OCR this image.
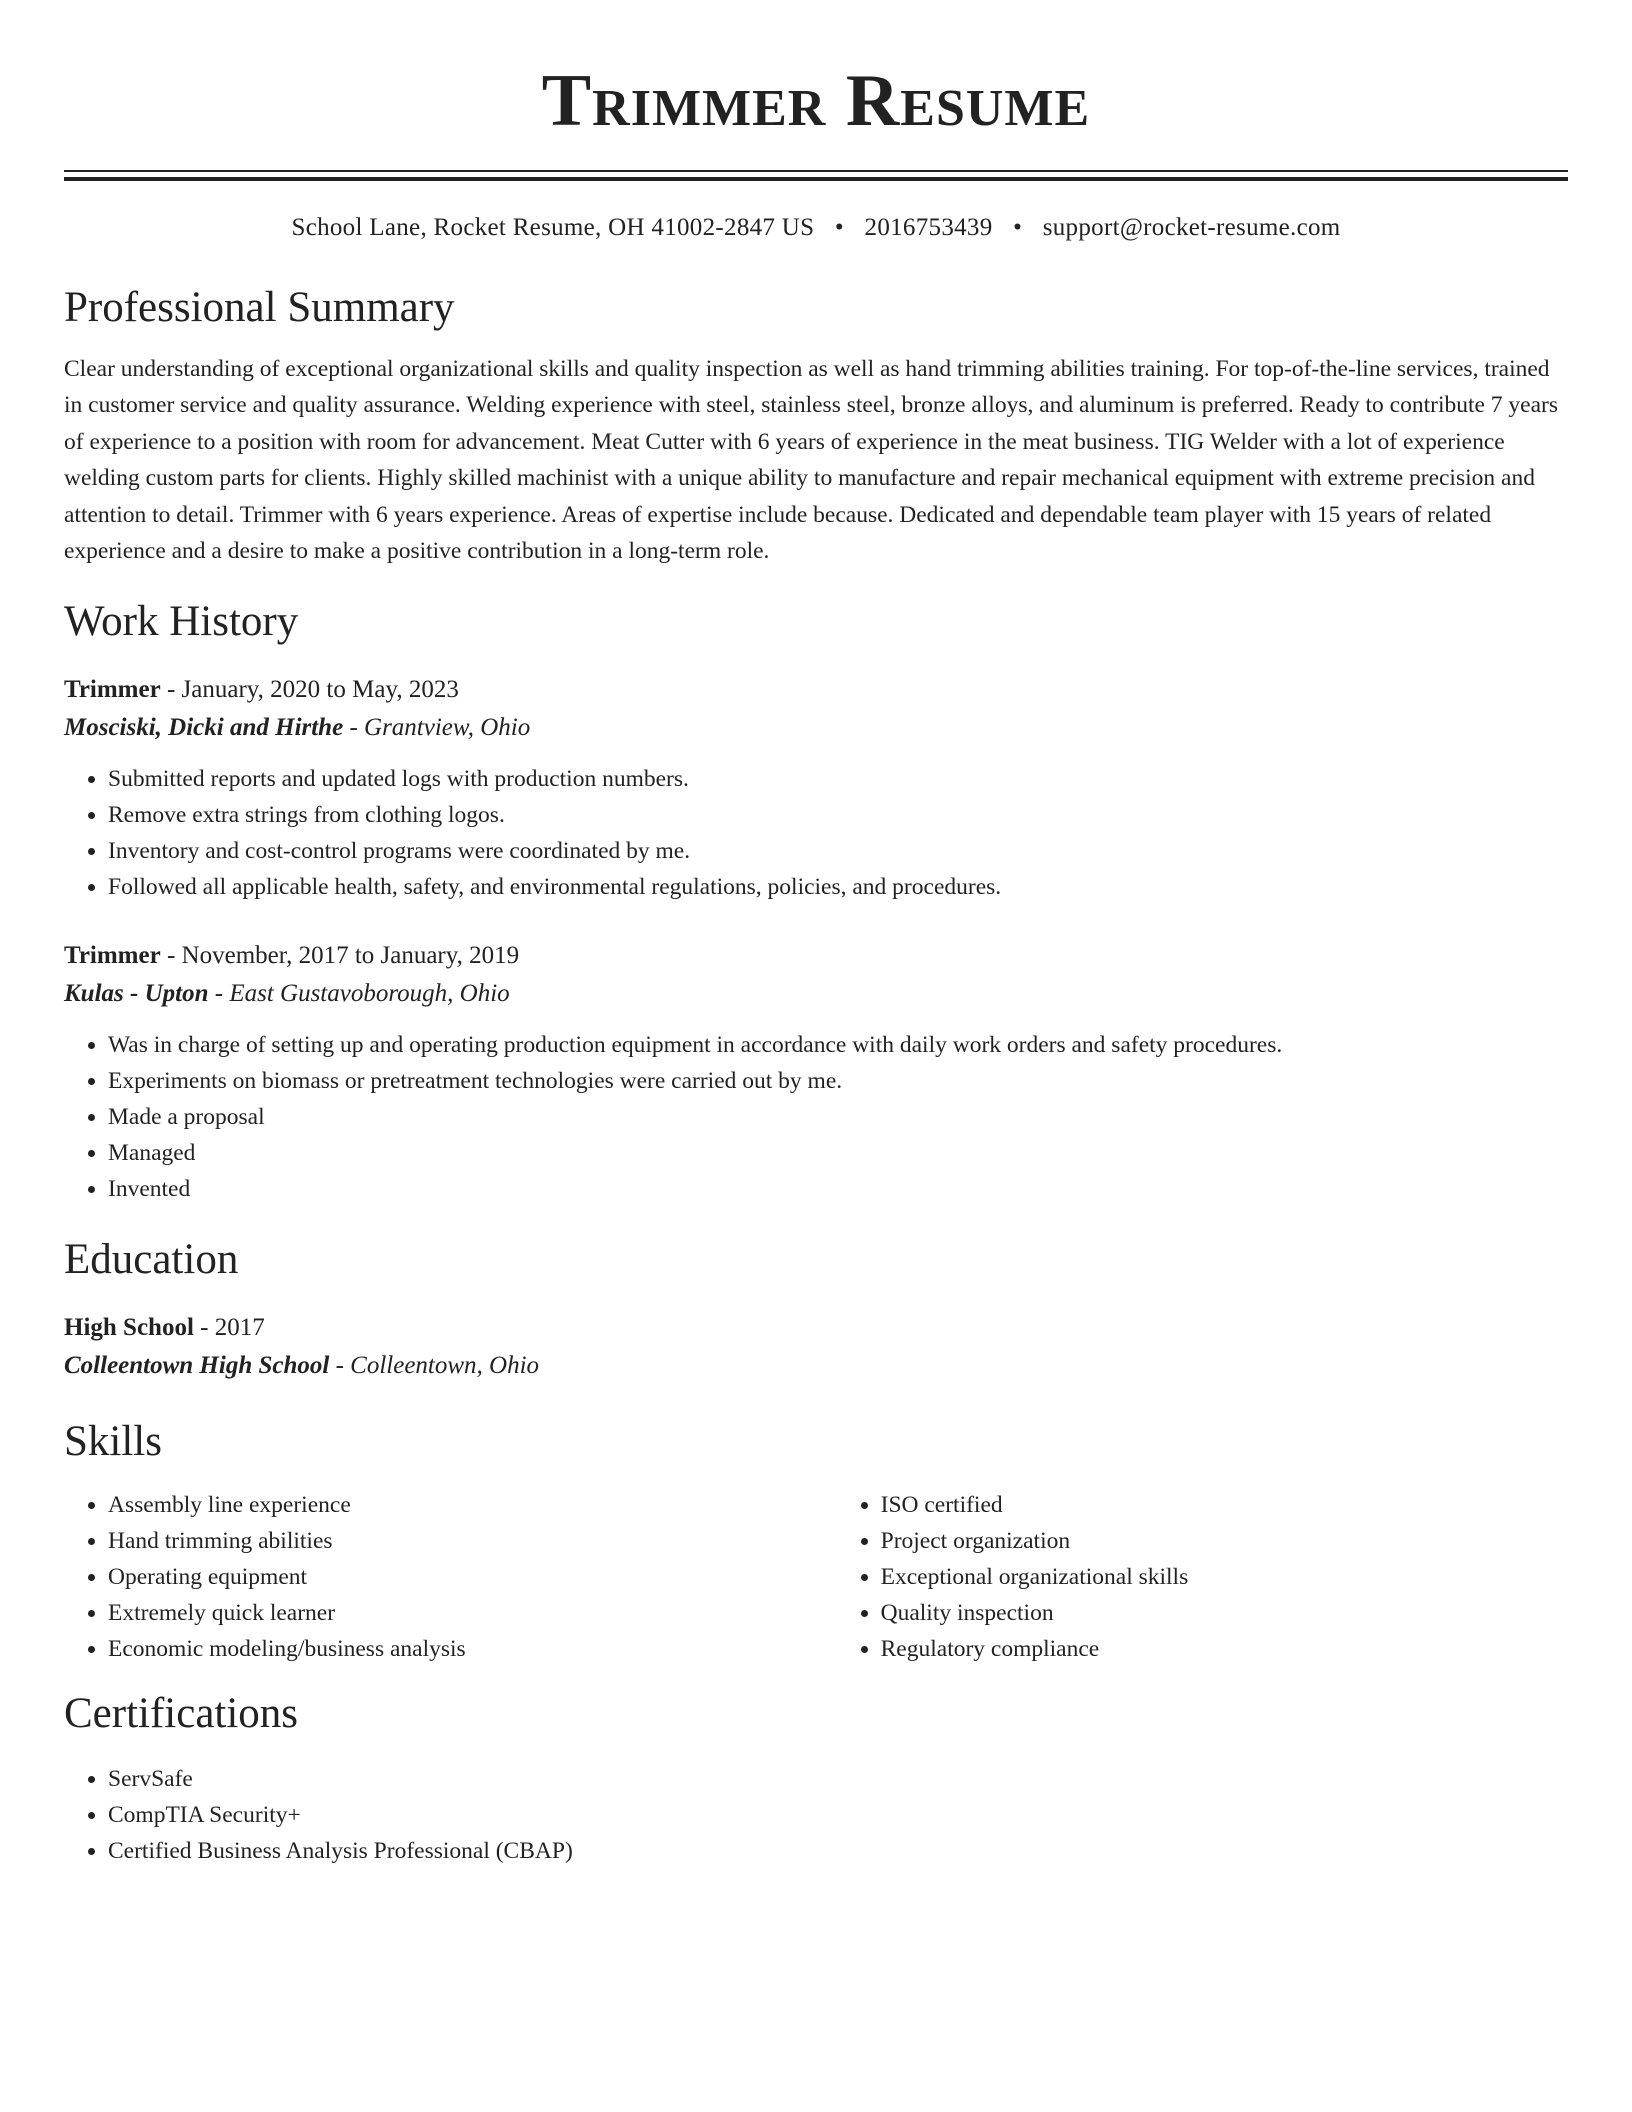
Trimmer Resume
School Lane, Rocket Resume, OH 41002-2847 US • 2016753439 • support@rocket-resume.com
Professional Summary

Clear understanding of exceptional organizational skills and quality inspection as well as hand trimming abilities training. For top-of-the-line services, trained in customer service and quality assurance. Welding experience with steel, stainless steel, bronze alloys, and aluminum is preferred. Ready to contribute 7 years of experience to a position with room for advancement. Meat Cutter with 6 years of experience in the meat business. TIG Welder with a lot of experience welding custom parts for clients. Highly skilled machinist with a unique ability to manufacture and repair mechanical equipment with extreme precision and attention to detail. Trimmer with 6 years experience. Areas of expertise include because. Dedicated and dependable team player with 15 years of related experience and a desire to make a positive contribution in a long-term role.

Work History
Trimmer - January, 2020 to May, 2023
Mosciski, Dicki and Hirthe - Grantview, Ohio
• Submitted reports and updated logs with production numbers.
• Remove extra strings from clothing logos.
• Inventory and cost-control programs were coordinated by me.
• Followed all applicable health, safety, and environmental regulations, policies, and procedures.
Trimmer - November, 2017 to January, 2019
Kulas - Upton - East Gustavoborough, Ohio
• Was in charge of setting up and operating production equipment in accordance with daily work orders and safety procedures.
• Experiments on biomass or pretreatment technologies were carried out by me.
• Made a proposal
• Managed
• Invented
Education
High School - 2017
Colleentown High School - Colleentown, Ohio
Skills
• Assembly line experience
• Hand trimming abilities
• Operating equipment
• Extremely quick learner
• Economic modeling/business analysis
• ISO certified
• Project organization
• Exceptional organizational skills
• Quality inspection
• Regulatory compliance
Certifications
• ServSafe
• CompTIA Security+
• Certified Business Analysis Professional (CBAP)
